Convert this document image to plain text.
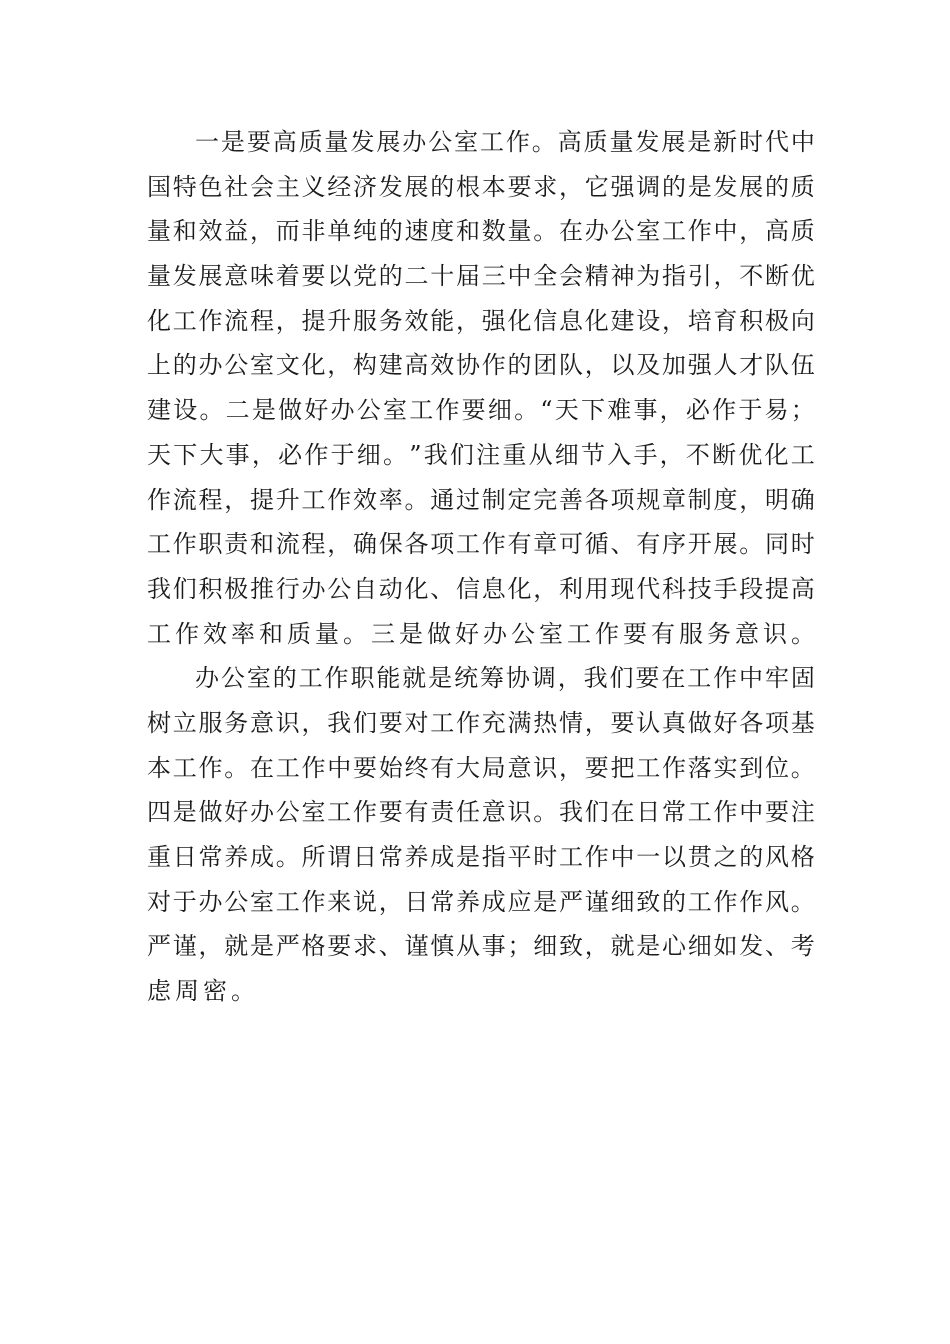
一 是 要 高 质 量 发 展 办 公 室 工 作 。 高 质 量 发 展 是 新 时 代 中
国 特 色 社 会 主 义 经 济 发 展 的 根 本 要 求 ， 它 强 调 的 是 发 展 的 质
量 和 效 益 ， 而 非 单 纯 的 速 度 和 数 量 。 在 办 公 室 工 作 中 ， 高 质
量 发 展 意 味 着 要 以 党 的 二 十 届 三 中 全 会 精 神 为 指 引 ， 不 断 优
化 工 作 流 程 ， 提 升 服 务 效 能 ， 强 化 信 息 化 建 设 ， 培 育 积 极 向
上 的 办 公 室 文 化 ， 构 建 高 效 协 作 的 团 队 ， 以 及 加 强 人 才 队 伍
建 设 。 二 是 做 好 办 公 室 工 作 要 细 。 “ 天 下 难 事 ， 必 作 于 易 ；
天 下 大 事 ， 必 作 于 细 。 ” 我 们 注 重 从 细 节 入 手 ， 不 断 优 化 工
作 流 程 ， 提 升 工 作 效 率 。 通 过 制 定 完 善 各 项 规 章 制 度 ， 明 确
工 作 职 责 和 流 程 ， 确 保 各 项 工 作 有 章 可 循 、 有 序 开 展 。 同 时
我 们 积 极 推 行 办 公 自 动 化 、 信 息 化 ， 利 用 现 代 科 技 手 段 提 高
工作效率和质量。三是做好办公室工作要有服务意识。
办 公 室 的 工 作 职 能 就 是 统 筹 协 调 ， 我 们 要 在 工 作 中 牢 固
树 立 服 务 意 识 ， 我 们 要 对 工 作 充 满 热 情 ， 要 认 真 做 好 各 项 基
本 工 作 。 在 工 作 中 要 始 终 有 大 局 意 识 ， 要 把 工 作 落 实 到 位 。
四 是 做 好 办 公 室 工 作 要 有 责 任 意 识 。 我 们 在 日 常 工 作 中 要 注
重 日 常 养 成 。 所 谓 日 常 养 成 是 指 平 时 工 作 中 一 以 贯 之 的 风 格
对 于 办 公 室 工 作 来 说 ， 日 常 养 成 应 是 严 谨 细 致 的 工 作 作 风 。
严 谨 ， 就 是 严 格 要 求 、 谨 慎 从 事 ； 细 致 ， 就 是 心 细 如 发 、 考
虑周密。
